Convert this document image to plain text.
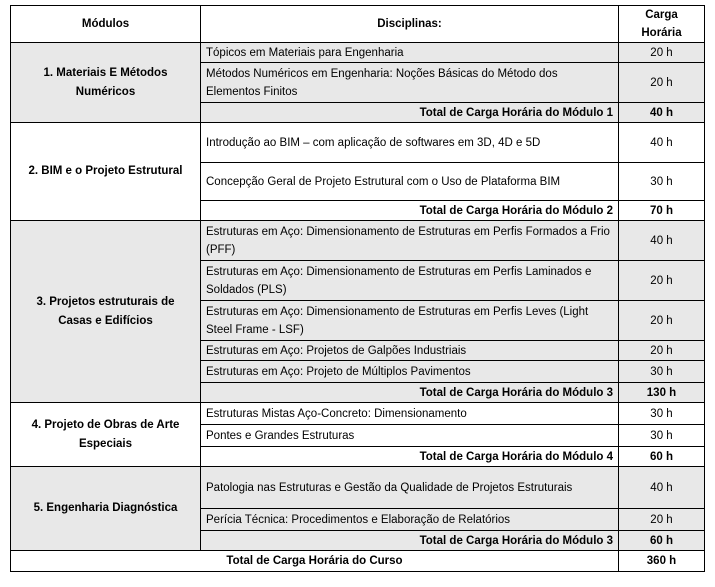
Módulos	Disciplinas:	Carga Horária
1. Materiais E Métodos Numéricos	Tópicos em Materiais para Engenharia	20 h
	Métodos Numéricos em Engenharia: Noções Básicas do Método dos Elementos Finitos	20 h
	Total de Carga Horária do Módulo 1	40 h
2. BIM e o Projeto Estrutural	Introdução ao BIM – com aplicação de softwares em 3D, 4D e 5D	40 h
	Concepção Geral de Projeto Estrutural com o Uso de Plataforma BIM	30 h
	Total de Carga Horária do Módulo 2	70 h
3. Projetos estruturais de Casas e Edifícios	Estruturas em Aço: Dimensionamento de Estruturas em Perfis Formados a Frio (PFF)	40 h
	Estruturas em Aço: Dimensionamento de Estruturas em Perfis Laminados e Soldados (PLS)	20 h
	Estruturas em Aço: Dimensionamento de Estruturas em Perfis Leves (Light Steel Frame - LSF)	20 h
	Estruturas em Aço: Projetos de Galpões Industriais	20 h
	Estruturas em Aço: Projeto de Múltiplos Pavimentos	30 h
	Total de Carga Horária do Módulo 3	130 h
4. Projeto de Obras de Arte Especiais	Estruturas Mistas Aço-Concreto: Dimensionamento	30 h
	Pontes e Grandes Estruturas	30 h
	Total de Carga Horária do Módulo 4	60 h
5. Engenharia Diagnóstica	Patologia nas Estruturas e Gestão da Qualidade de Projetos Estruturais	40 h
	Perícia Técnica: Procedimentos e Elaboração de Relatórios	20 h
	Total de Carga Horária do Módulo 3	60 h
Total de Carga Horária do Curso		360 h
